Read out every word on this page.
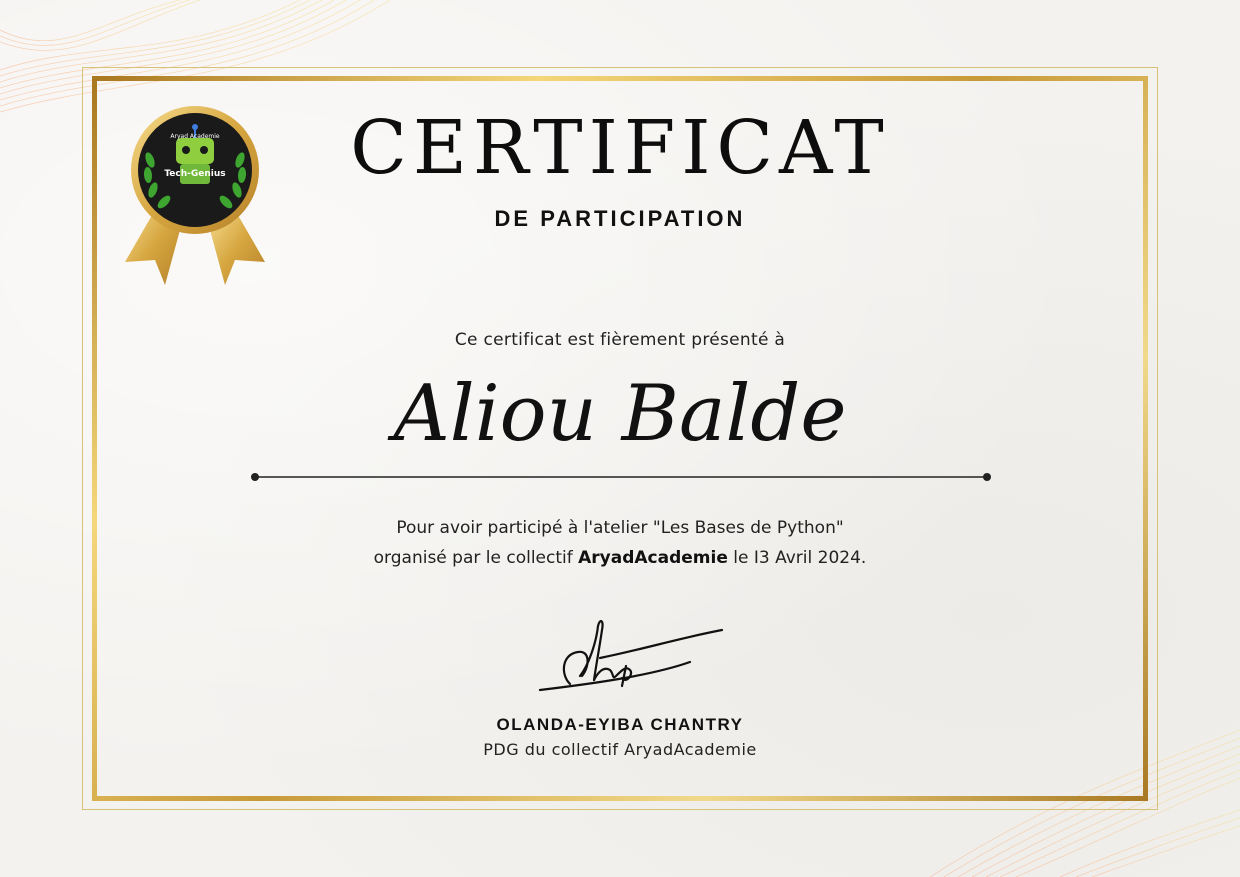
Aryad Academie
Tech-Genius	CERTIFICAT
DE PARTICIPATION
Ce certificat est fièrement présenté à
Aliou Balde
Pour avoir participé à l'atelier "Les Bases de Python"
organisé par le collectif AryadAcademie le I3 Avril 2024.
OLANDA-EYIBA CHANTRY
PDG du collectif AryadAcademie
